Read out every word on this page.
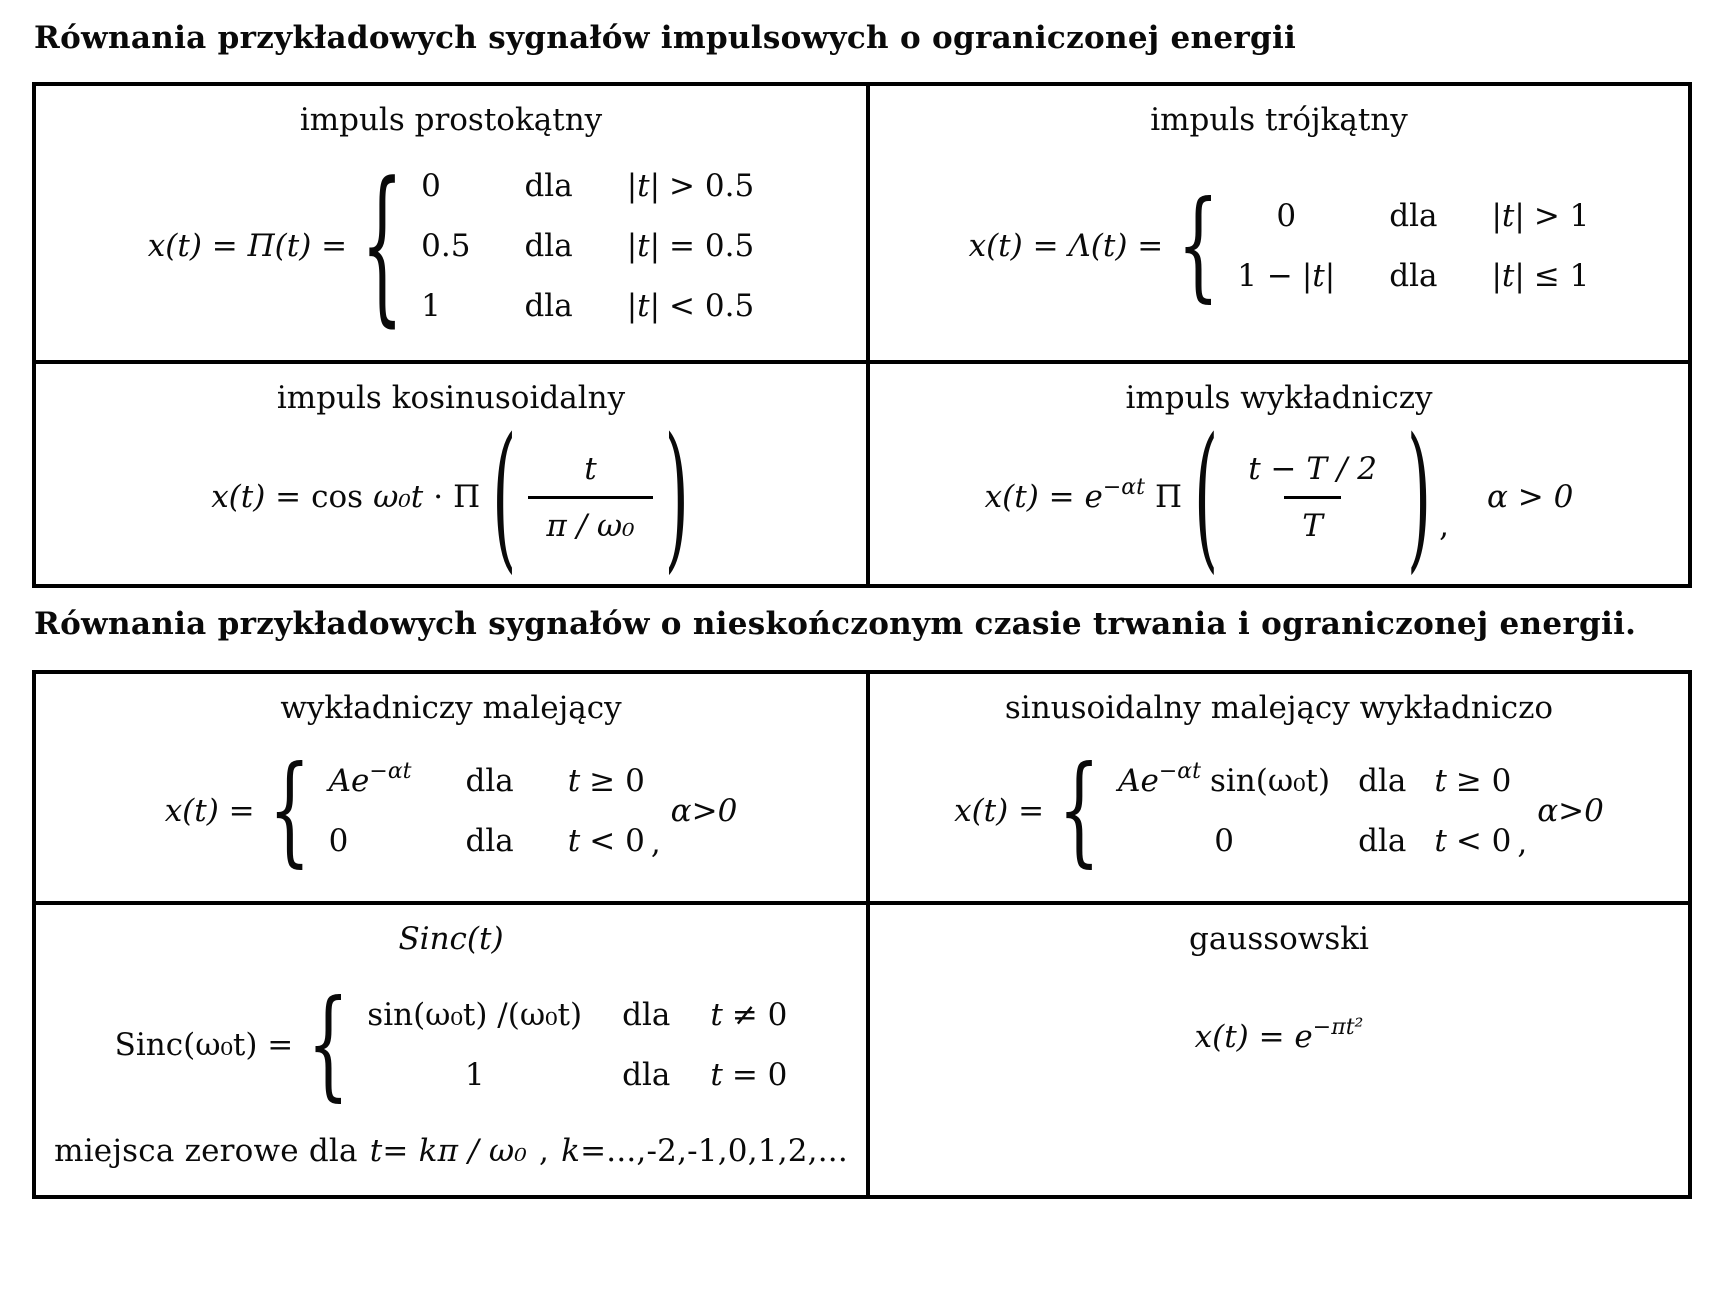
Równania przykładowych sygnałów impulsowych o ograniczonej energii
impuls prostokątny
x(t) = Π(t) = { 0	dla |t| > 0.5
0.5 dla |t| = 0.5
1	dla |t| < 0.5
impuls trójkątny
x(t) = Λ(t) = { 0	dla |t| > 1
1 − |t| dla |t| ≤ 1
impuls kosinusoidalny
x(t) = cos ω₀t · Π ( $\frac{t}{\text{π / ω₀}}$ )
impuls wykładniczy
x(t) = e−αt Π ( $\frac{t - T / 2}{T}$ ) ,
α > 0
Równania przykładowych sygnałów o nieskończonym czasie trwania i ograniczonej energii.
wykładniczy malejący
x(t) = { Ae−αt dla t ≥ 0
0	dla t < 0 ,
α>0
sinusoidalny malejący wykładniczo
x(t) = { Ae−αt sin(ω₀t) dla t ≥ 0
0	dla t < 0 ,
α>0
Sinc(t)
Sinc(ω₀t) = { sin(ω₀t) /(ω₀t) dla t ≠ 0
1	dla t = 0
miejsca zerowe dla t= kπ / ω₀ , k=...,-2,-1,0,1,2,...
gaussowski
x(t) = e−πt²
